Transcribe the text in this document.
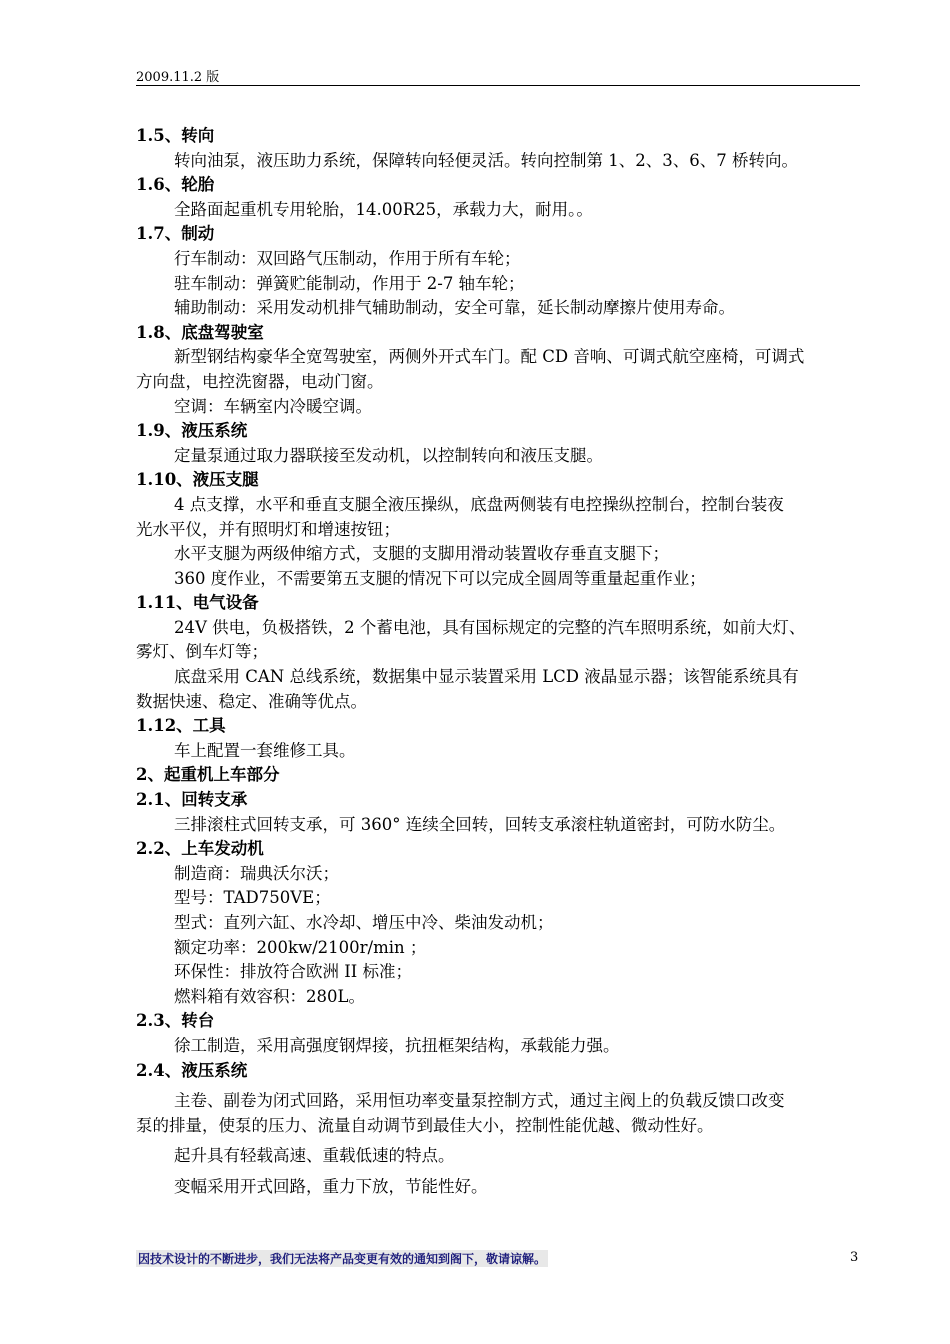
2009.11.2 版
1.5、转向
转向油泵，液压助力系统，保障转向轻便灵活。转向控制第 1、2、3、6、7 桥转向。
1.6、轮胎
全路面起重机专用轮胎，14.00R25，承载力大，耐用。。
1.7、制动
行车制动：双回路气压制动，作用于所有车轮；
驻车制动：弹簧贮能制动，作用于 2-7 轴车轮；
辅助制动：采用发动机排气辅助制动，安全可靠，延长制动摩擦片使用寿命。
1.8、底盘驾驶室
新型钢结构豪华全宽驾驶室，两侧外开式车门。配 CD 音响、可调式航空座椅，可调式
方向盘，电控洗窗器，电动门窗。
空调：车辆室内冷暖空调。
1.9、液压系统
定量泵通过取力器联接至发动机，以控制转向和液压支腿。
1.10、液压支腿
4 点支撑，水平和垂直支腿全液压操纵，底盘两侧装有电控操纵控制台，控制台装夜
光水平仪，并有照明灯和增速按钮；
水平支腿为两级伸缩方式，支腿的支脚用滑动装置收存垂直支腿下；
360 度作业，不需要第五支腿的情况下可以完成全圆周等重量起重作业；
1.11、电气设备
24V 供电，负极搭铁，2 个蓄电池，具有国标规定的完整的汽车照明系统，如前大灯、
雾灯、倒车灯等；
底盘采用 CAN 总线系统，数据集中显示装置采用 LCD 液晶显示器；该智能系统具有
数据快速、稳定、准确等优点。
1.12、工具
车上配置一套维修工具。
2、起重机上车部分
2.1、回转支承
三排滚柱式回转支承，可 360° 连续全回转，回转支承滚柱轨道密封，可防水防尘。
2.2、上车发动机
制造商：瑞典沃尔沃；
型号：TAD750VE；
型式：直列六缸、水冷却、增压中冷、柴油发动机；
额定功率：200kw/2100r/min ；
环保性：排放符合欧洲 II 标准；
燃料箱有效容积：280L。
2.3、转台
徐工制造，采用高强度钢焊接，抗扭框架结构，承载能力强。
2.4、液压系统
主卷、副卷为闭式回路，采用恒功率变量泵控制方式，通过主阀上的负载反馈口改变
泵的排量，使泵的压力、流量自动调节到最佳大小，控制性能优越、微动性好。
起升具有轻载高速、重载低速的特点。
变幅采用开式回路，重力下放，节能性好。
因技术设计的不断进步，我们无法将产品变更有效的通知到阁下，敬请谅解。	3
